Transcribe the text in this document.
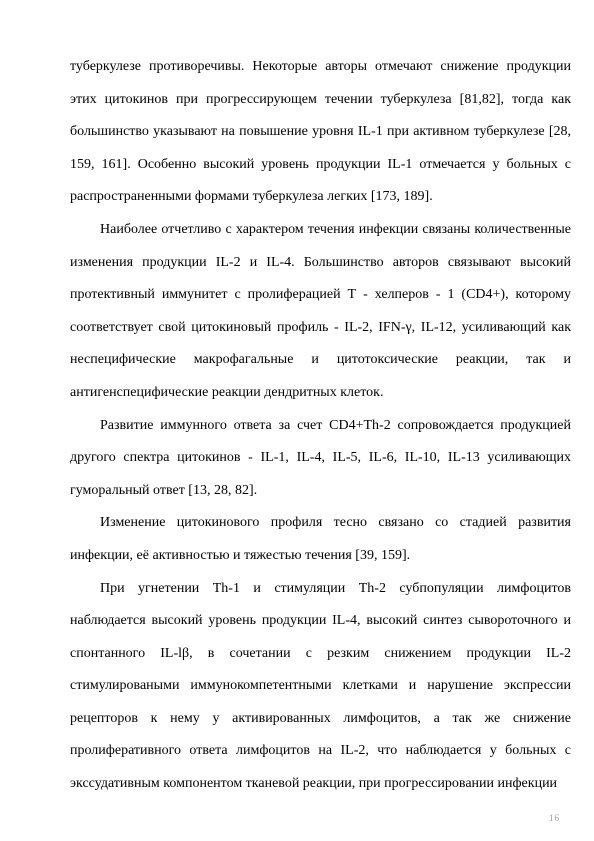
туберкулезе противоречивы. Некоторые авторы отмечают снижение продукции этих цитокинов при прогрессирующем течении туберкулеза [81,82], тогда как большинство указывают на повышение уровня IL-1 при активном туберкулезе [28, 159, 161]. Особенно высокий уровень продукции IL-1 отмечается у больных с распространенными формами туберкулеза легких [173, 189].

Наиболее отчетливо с характером течения инфекции связаны количественные изменения продукции IL-2 и IL-4. Большинство авторов связывают высокий протективный иммунитет с пролиферацией Т - хелперов - 1 (CD4+), которому соответствует свой цитокиновый профиль - IL-2, IFN-γ, IL-12, усиливающий как неспецифические макрофагальные и цитотоксические реакции, так и антигенспецифические реакции дендритных клеток.

Развитие иммунного ответа за счет CD4+Th-2 сопровождается продукцией другого спектра цитокинов - IL-1, IL-4, IL-5, IL-6, IL-10, IL-13 усиливающих гуморальный ответ [13, 28, 82].

Изменение цитокинового профиля тесно связано со стадией развития инфекции, её активностью и тяжестью течения [39, 159].

При угнетении Th-1 и стимуляции Th-2 субпопуляции лимфоцитов наблюдается высокий уровень продукции IL-4, высокий синтез сывороточного и спонтанного IL-lβ, в сочетании с резким снижением продукции IL-2 стимулироваными иммунокомпетентными клетками и нарушение экспрессии рецепторов к нему у активированных лимфоцитов, а так же снижение пролиферативного ответа лимфоцитов на IL-2, что наблюдается у больных с экссудативным компонентом тканевой реакции, при прогрессировании инфекции

16
